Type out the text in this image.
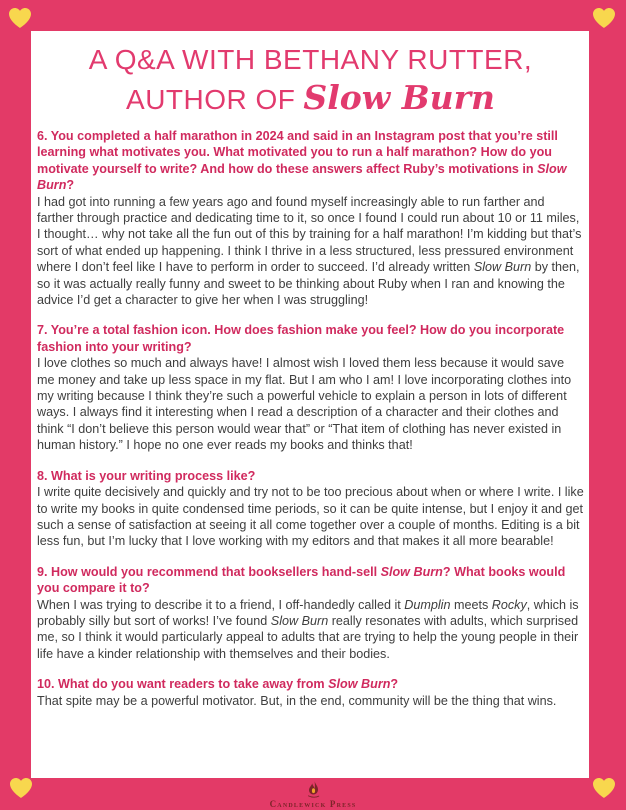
A Q&A WITH BETHANY RUTTER,
AUTHOR OF Slow Burn

6. You completed a half marathon in 2024 and said in an Instagram post that you’re still learning what motivates you. What motivated you to run a half marathon? How do you motivate yourself to write? And how do these answers affect Ruby’s motivations in Slow Burn?

I had got into running a few years ago and found myself increasingly able to run farther and farther through practice and dedicating time to it, so once I found I could run about 10 or 11 miles, I thought… why not take all the fun out of this by training for a half marathon! I’m kidding but that’s sort of what ended up happening. I think I thrive in a less structured, less pressured environment where I don’t feel like I have to perform in order to succeed. I’d already written Slow Burn by then, so it was actually really funny and sweet to be thinking about Ruby when I ran and knowing the advice I’d get a character to give her when I was struggling!

7. You’re a total fashion icon. How does fashion make you feel? How do you incorporate fashion into your writing?

I love clothes so much and always have! I almost wish I loved them less because it would save me money and take up less space in my flat. But I am who I am! I love incorporating clothes into my writing because I think they’re such a powerful vehicle to explain a person in lots of different ways. I always find it interesting when I read a description of a character and their clothes and think “I don’t believe this person would wear that” or “That item of clothing has never existed in human history.” I hope no one ever reads my books and thinks that!

8. What is your writing process like?

I write quite decisively and quickly and try not to be too precious about when or where I write. I like to write my books in quite condensed time periods, so it can be quite intense, but I enjoy it and get such a sense of satisfaction at seeing it all come together over a couple of months. Editing is a bit less fun, but I’m lucky that I love working with my editors and that makes it all more bearable!

9. How would you recommend that booksellers hand-sell Slow Burn? What books would you compare it to?

When I was trying to describe it to a friend, I off-handedly called it Dumplin meets Rocky, which is probably silly but sort of works! I’ve found Slow Burn really resonates with adults, which surprised me, so I think it would particularly appeal to adults that are trying to help the young people in their life have a kinder relationship with themselves and their bodies.

10. What do you want readers to take away from Slow Burn?

That spite may be a powerful motivator. But, in the end, community will be the thing that wins.

Candlewick Press
